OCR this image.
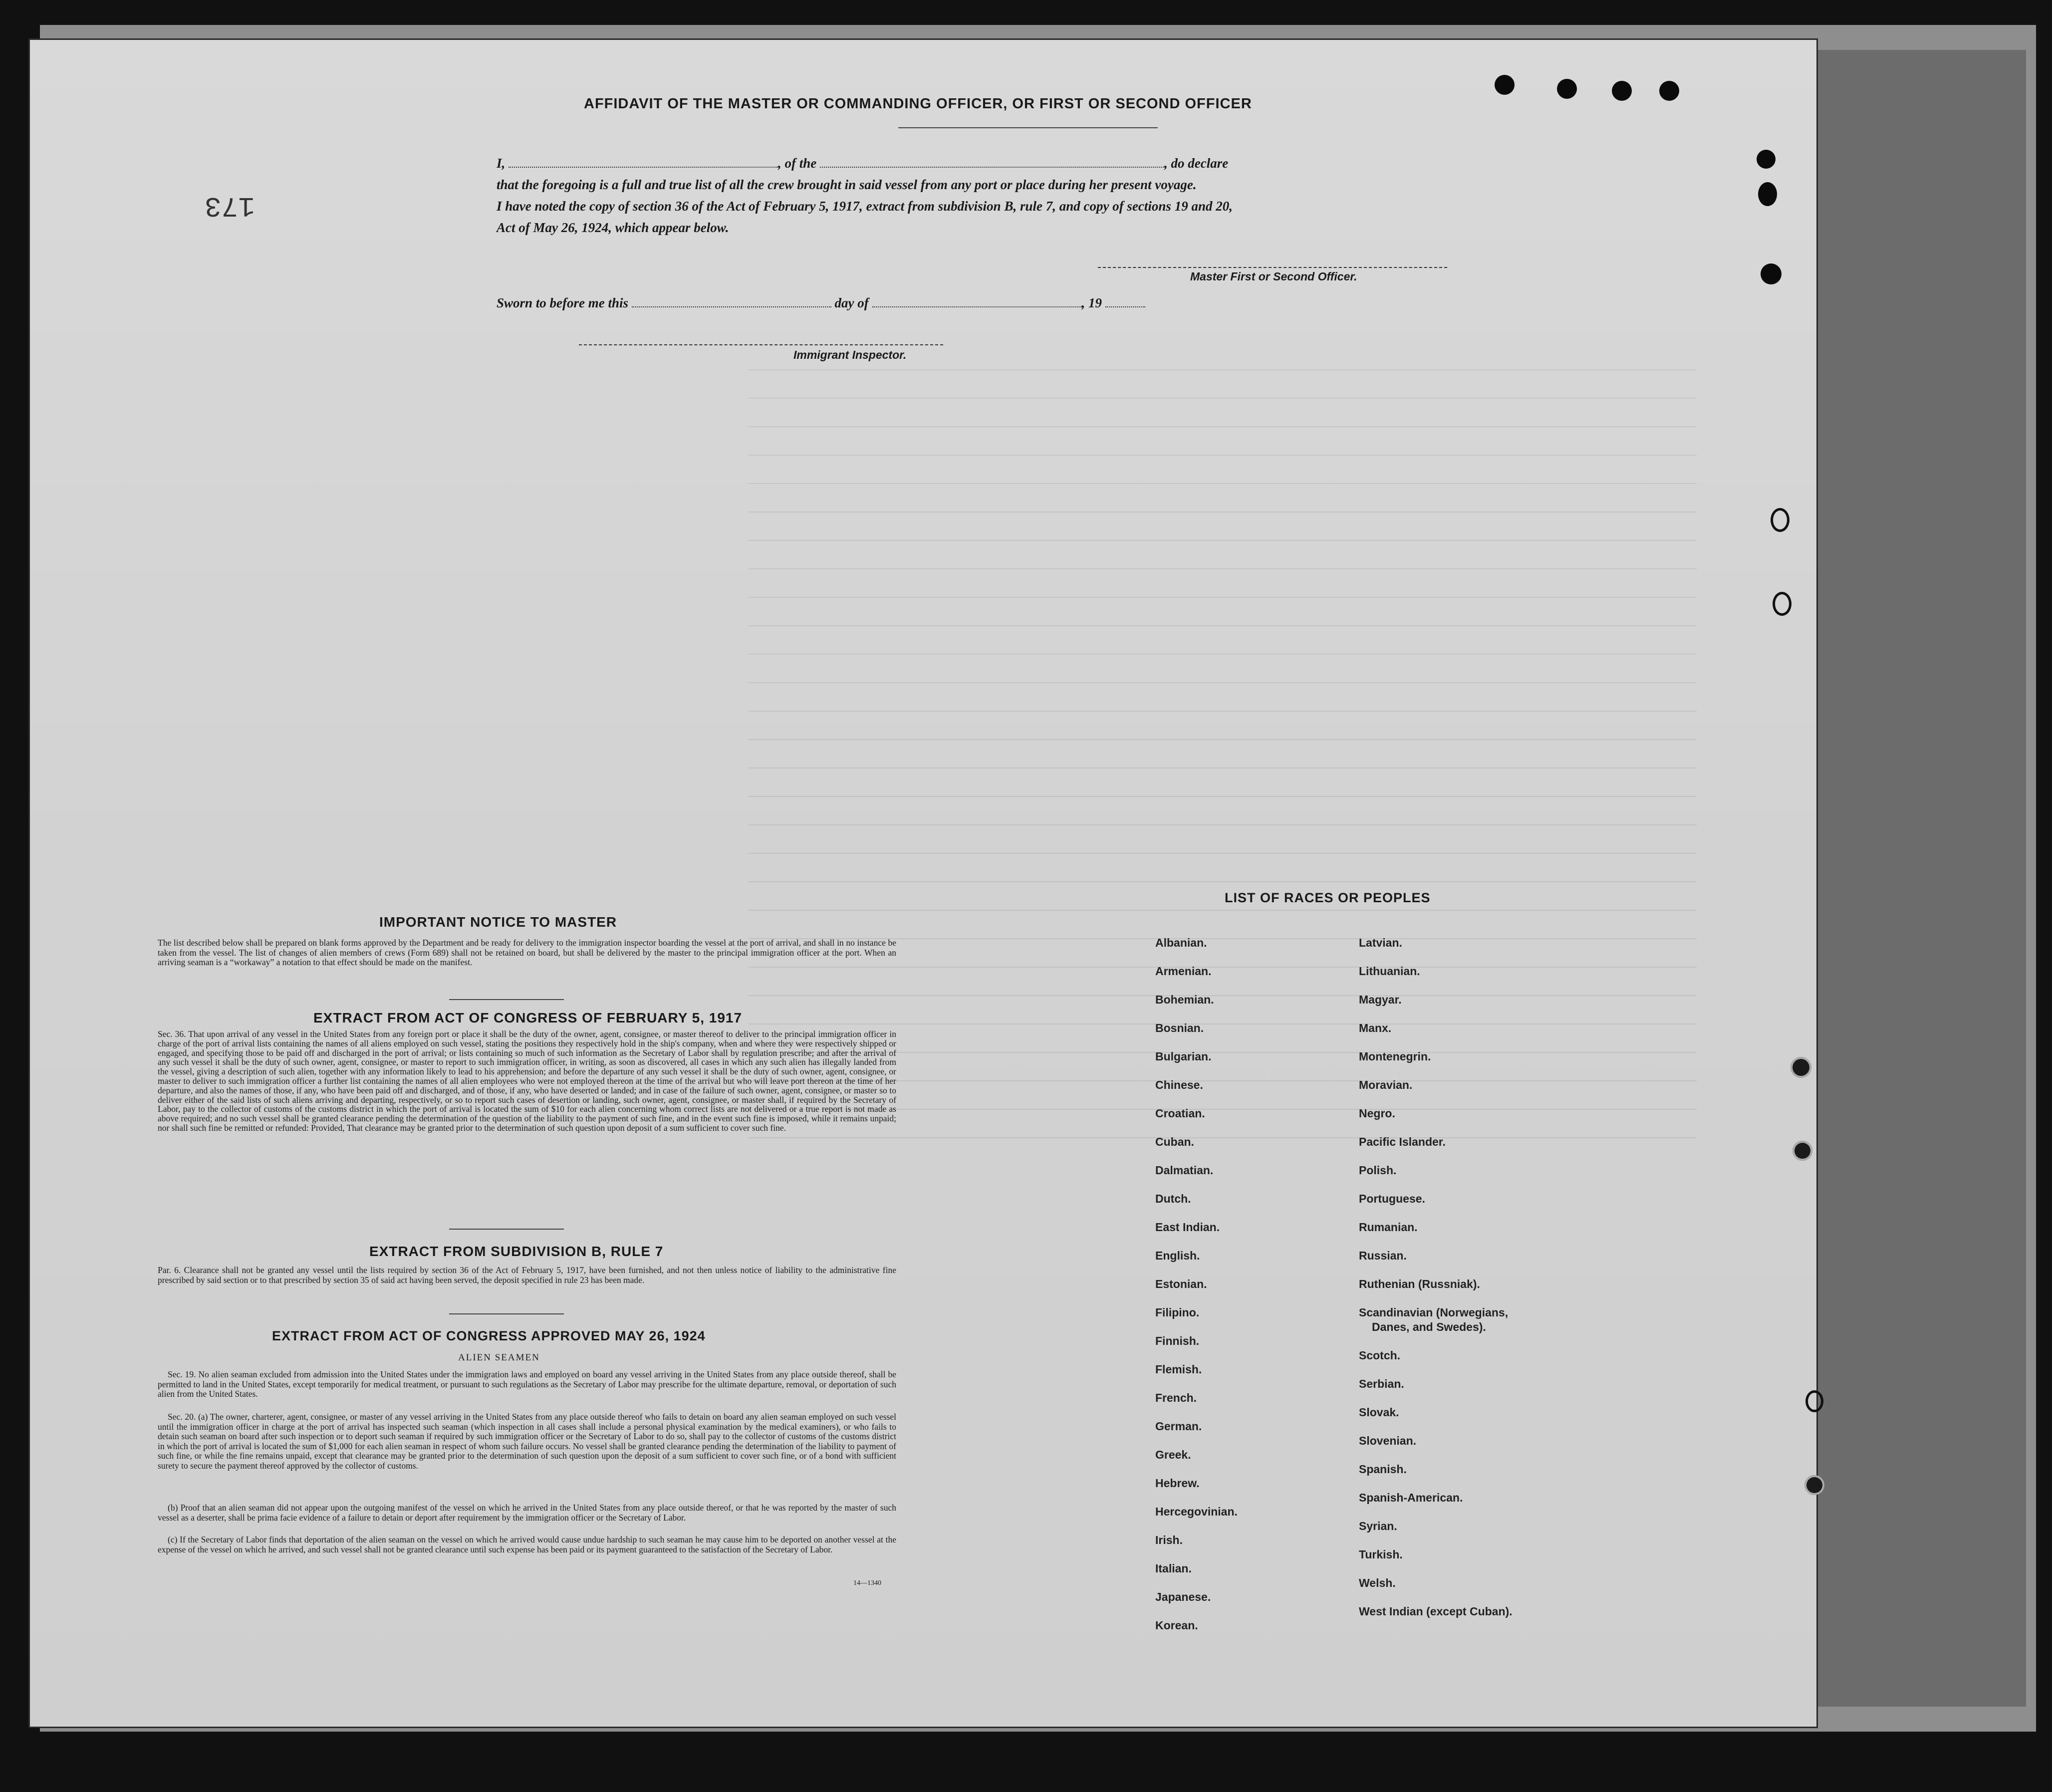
173
AFFIDAVIT OF THE MASTER OR COMMANDING OFFICER, OR FIRST OR SECOND OFFICER
I,	, of the	, do declare
that the foregoing is a full and true list of all the crew brought in said vessel from any port or place during her present voyage.
I have noted the copy of section 36 of the Act of February 5, 1917, extract from subdivision B, rule 7, and copy of sections 19 and 20,
Act of May 26, 1924, which appear below.
Master First or Second Officer.
Sworn to before me this	day of	, 19
Immigrant Inspector.
IMPORTANT NOTICE TO MASTER
The list described below shall be prepared on blank forms approved by the Department and be ready for delivery to the immigration inspector boarding the vessel at the port of arrival, and shall in no instance be taken from the vessel. The list of changes of alien members of crews (Form 689) shall not be retained on board, but shall be delivered by the master to the principal immigration officer at the port. When an arriving seaman is a “workaway” a notation to that effect should be made on the manifest.
EXTRACT FROM ACT OF CONGRESS OF FEBRUARY 5, 1917
Sec. 36. That upon arrival of any vessel in the United States from any foreign port or place it shall be the duty of the owner, agent, consignee, or master thereof to deliver to the principal immigration officer in charge of the port of arrival lists containing the names of all aliens employed on such vessel, stating the positions they respectively hold in the ship's company, when and where they were respectively shipped or engaged, and specifying those to be paid off and discharged in the port of arrival; or lists containing so much of such information as the Secretary of Labor shall by regulation prescribe; and after the arrival of any such vessel it shall be the duty of such owner, agent, consignee, or master to report to such immigration officer, in writing, as soon as discovered, all cases in which any such alien has illegally landed from the vessel, giving a description of such alien, together with any information likely to lead to his apprehension; and before the departure of any such vessel it shall be the duty of such owner, agent, consignee, or master to deliver to such immigration officer a further list containing the names of all alien employees who were not employed thereon at the time of the arrival but who will leave port thereon at the time of her departure, and also the names of those, if any, who have been paid off and discharged, and of those, if any, who have deserted or landed; and in case of the failure of such owner, agent, consignee, or master so to deliver either of the said lists of such aliens arriving and departing, respectively, or so to report such cases of desertion or landing, such owner, agent, consignee, or master shall, if required by the Secretary of Labor, pay to the collector of customs of the customs district in which the port of arrival is located the sum of $10 for each alien concerning whom correct lists are not delivered or a true report is not made as above required; and no such vessel shall be granted clearance pending the determination of the question of the liability to the payment of such fine, and in the event such fine is imposed, while it remains unpaid; nor shall such fine be remitted or refunded: Provided, That clearance may be granted prior to the determination of such question upon deposit of a sum sufficient to cover such fine.
EXTRACT FROM SUBDIVISION B, RULE 7
Par. 6. Clearance shall not be granted any vessel until the lists required by section 36 of the Act of February 5, 1917, have been furnished, and not then unless notice of liability to the administrative fine prescribed by said section or to that prescribed by section 35 of said act having been served, the deposit specified in rule 23 has been made.
EXTRACT FROM ACT OF CONGRESS APPROVED MAY 26, 1924
ALIEN SEAMEN
Sec. 19. No alien seaman excluded from admission into the United States under the immigration laws and employed on board any vessel arriving in the United States from any place outside thereof, shall be permitted to land in the United States, except temporarily for medical treatment, or pursuant to such regulations as the Secretary of Labor may prescribe for the ultimate departure, removal, or deportation of such alien from the United States.
Sec. 20. (a) The owner, charterer, agent, consignee, or master of any vessel arriving in the United States from any place outside thereof who fails to detain on board any alien seaman employed on such vessel until the immigration officer in charge at the port of arrival has inspected such seaman (which inspection in all cases shall include a personal physical examination by the medical examiners), or who fails to detain such seaman on board after such inspection or to deport such seaman if required by such immigration officer or the Secretary of Labor to do so, shall pay to the collector of customs of the customs district in which the port of arrival is located the sum of $1,000 for each alien seaman in respect of whom such failure occurs. No vessel shall be granted clearance pending the determination of the liability to payment of such fine, or while the fine remains unpaid, except that clearance may be granted prior to the determination of such question upon the deposit of a sum sufficient to cover such fine, or of a bond with sufficient surety to secure the payment thereof approved by the collector of customs.
(b) Proof that an alien seaman did not appear upon the outgoing manifest of the vessel on which he arrived in the United States from any place outside thereof, or that he was reported by the master of such vessel as a deserter, shall be prima facie evidence of a failure to detain or deport after requirement by the immigration officer or the Secretary of Labor.
(c) If the Secretary of Labor finds that deportation of the alien seaman on the vessel on which he arrived would cause undue hardship to such seaman he may cause him to be deported on another vessel at the expense of the vessel on which he arrived, and such vessel shall not be granted clearance until such expense has been paid or its payment guaranteed to the satisfaction of the Secretary of Labor.
14—1340
LIST OF RACES OR PEOPLES
Albanian.
Armenian.
Bohemian.
Bosnian.
Bulgarian.
Chinese.
Croatian.
Cuban.
Dalmatian.
Dutch.
East Indian.
English.
Estonian.
Filipino.
Finnish.
Flemish.
French.
German.
Greek.
Hebrew.
Hercegovinian.
Irish.
Italian.
Japanese.
Korean.
Latvian.
Lithuanian.
Magyar.
Manx.
Montenegrin.
Moravian.
Negro.
Pacific Islander.
Polish.
Portuguese.
Rumanian.
Russian.
Ruthenian (Russniak).
Scandinavian (Norwegians,
Danes, and Swedes).
Scotch.
Serbian.
Slovak.
Slovenian.
Spanish.
Spanish-American.
Syrian.
Turkish.
Welsh.
West Indian (except Cuban).
